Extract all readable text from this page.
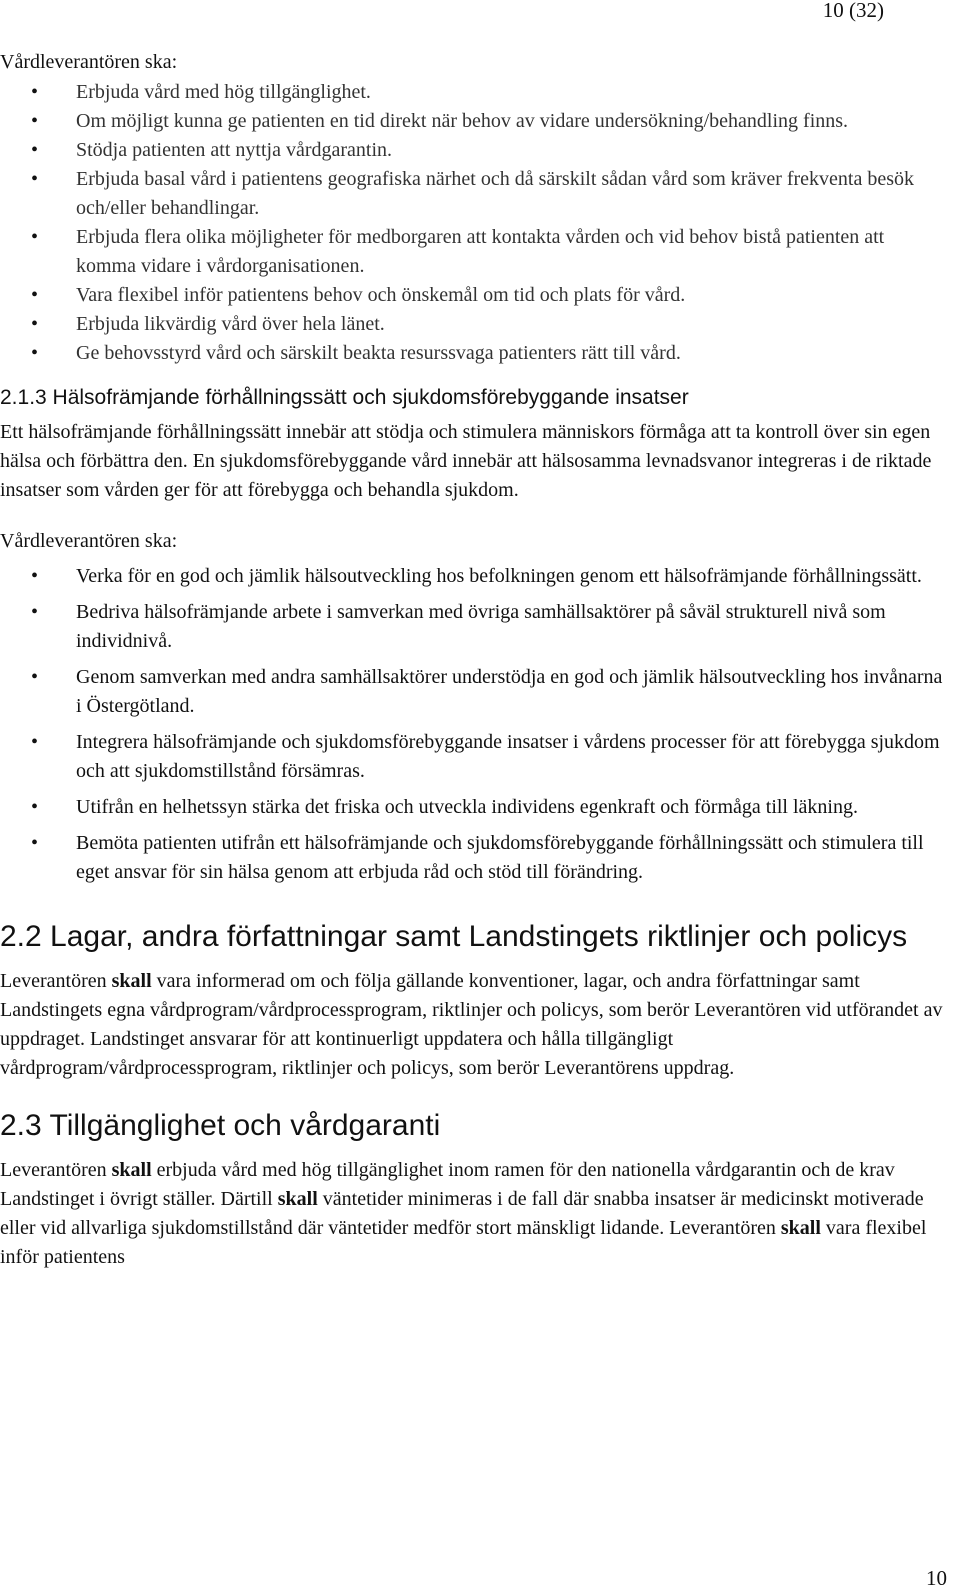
10 (32)
Vårdleverantören ska:
• Erbjuda vård med hög tillgänglighet.
• Om möjligt kunna ge patienten en tid direkt när behov av vidare undersökning/behandling finns.
• Stödja patienten att nyttja vårdgarantin.
• Erbjuda basal vård i patientens geografiska närhet och då särskilt sådan vård som kräver frekventa besök och/eller behandlingar.
• Erbjuda flera olika möjligheter för medborgaren att kontakta vården och vid behov bistå patienten att komma vidare i vårdorganisationen.
• Vara flexibel inför patientens behov och önskemål om tid och plats för vård.
• Erbjuda likvärdig vård över hela länet.
• Ge behovsstyrd vård och särskilt beakta resurssvaga patienters rätt till vård.
2.1.3 Hälsofrämjande förhållningssätt och sjukdomsförebyggande insatser

Ett hälsofrämjande förhållningssätt innebär att stödja och stimulera människors förmåga att ta kontroll över sin egen hälsa och förbättra den. En sjukdomsförebyggande vård innebär att hälsosamma levnadsvanor integreras i de riktade insatser som vården ger för att förebygga och behandla sjukdom.

Vårdleverantören ska:
• Verka för en god och jämlik hälsoutveckling hos befolkningen genom ett hälsofrämjande förhållningssätt.
• Bedriva hälsofrämjande arbete i samverkan med övriga samhällsaktörer på såväl strukturell nivå som individnivå.
• Genom samverkan med andra samhällsaktörer understödja en god och jämlik hälsoutveckling hos invånarna i Östergötland.
• Integrera hälsofrämjande och sjukdomsförebyggande insatser i vårdens processer för att förebygga sjukdom och att sjukdomstillstånd försämras.
• Utifrån en helhetssyn stärka det friska och utveckla individens egenkraft och förmåga till läkning.
• Bemöta patienten utifrån ett hälsofrämjande och sjukdomsförebyggande förhållningssätt och stimulera till eget ansvar för sin hälsa genom att erbjuda råd och stöd till förändring.
2.2 Lagar, andra författningar samt Landstingets riktlinjer och policys

Leverantören skall vara informerad om och följa gällande konventioner, lagar, och andra författningar samt Landstingets egna vårdprogram/vårdprocessprogram, riktlinjer och policys, som berör Leverantören vid utförandet av uppdraget. Landstinget ansvarar för att kontinuerligt uppdatera och hålla tillgängligt vårdprogram/vårdprocessprogram, riktlinjer och policys, som berör Leverantörens uppdrag.

2.3 Tillgänglighet och vårdgaranti

Leverantören skall erbjuda vård med hög tillgänglighet inom ramen för den nationella vårdgarantin och de krav Landstinget i övrigt ställer. Därtill skall väntetider minimeras i de fall där snabba insatser är medicinskt motiverade eller vid allvarliga sjukdomstillstånd där väntetider medför stort mänskligt lidande. Leverantören skall vara flexibel inför patientens

10
